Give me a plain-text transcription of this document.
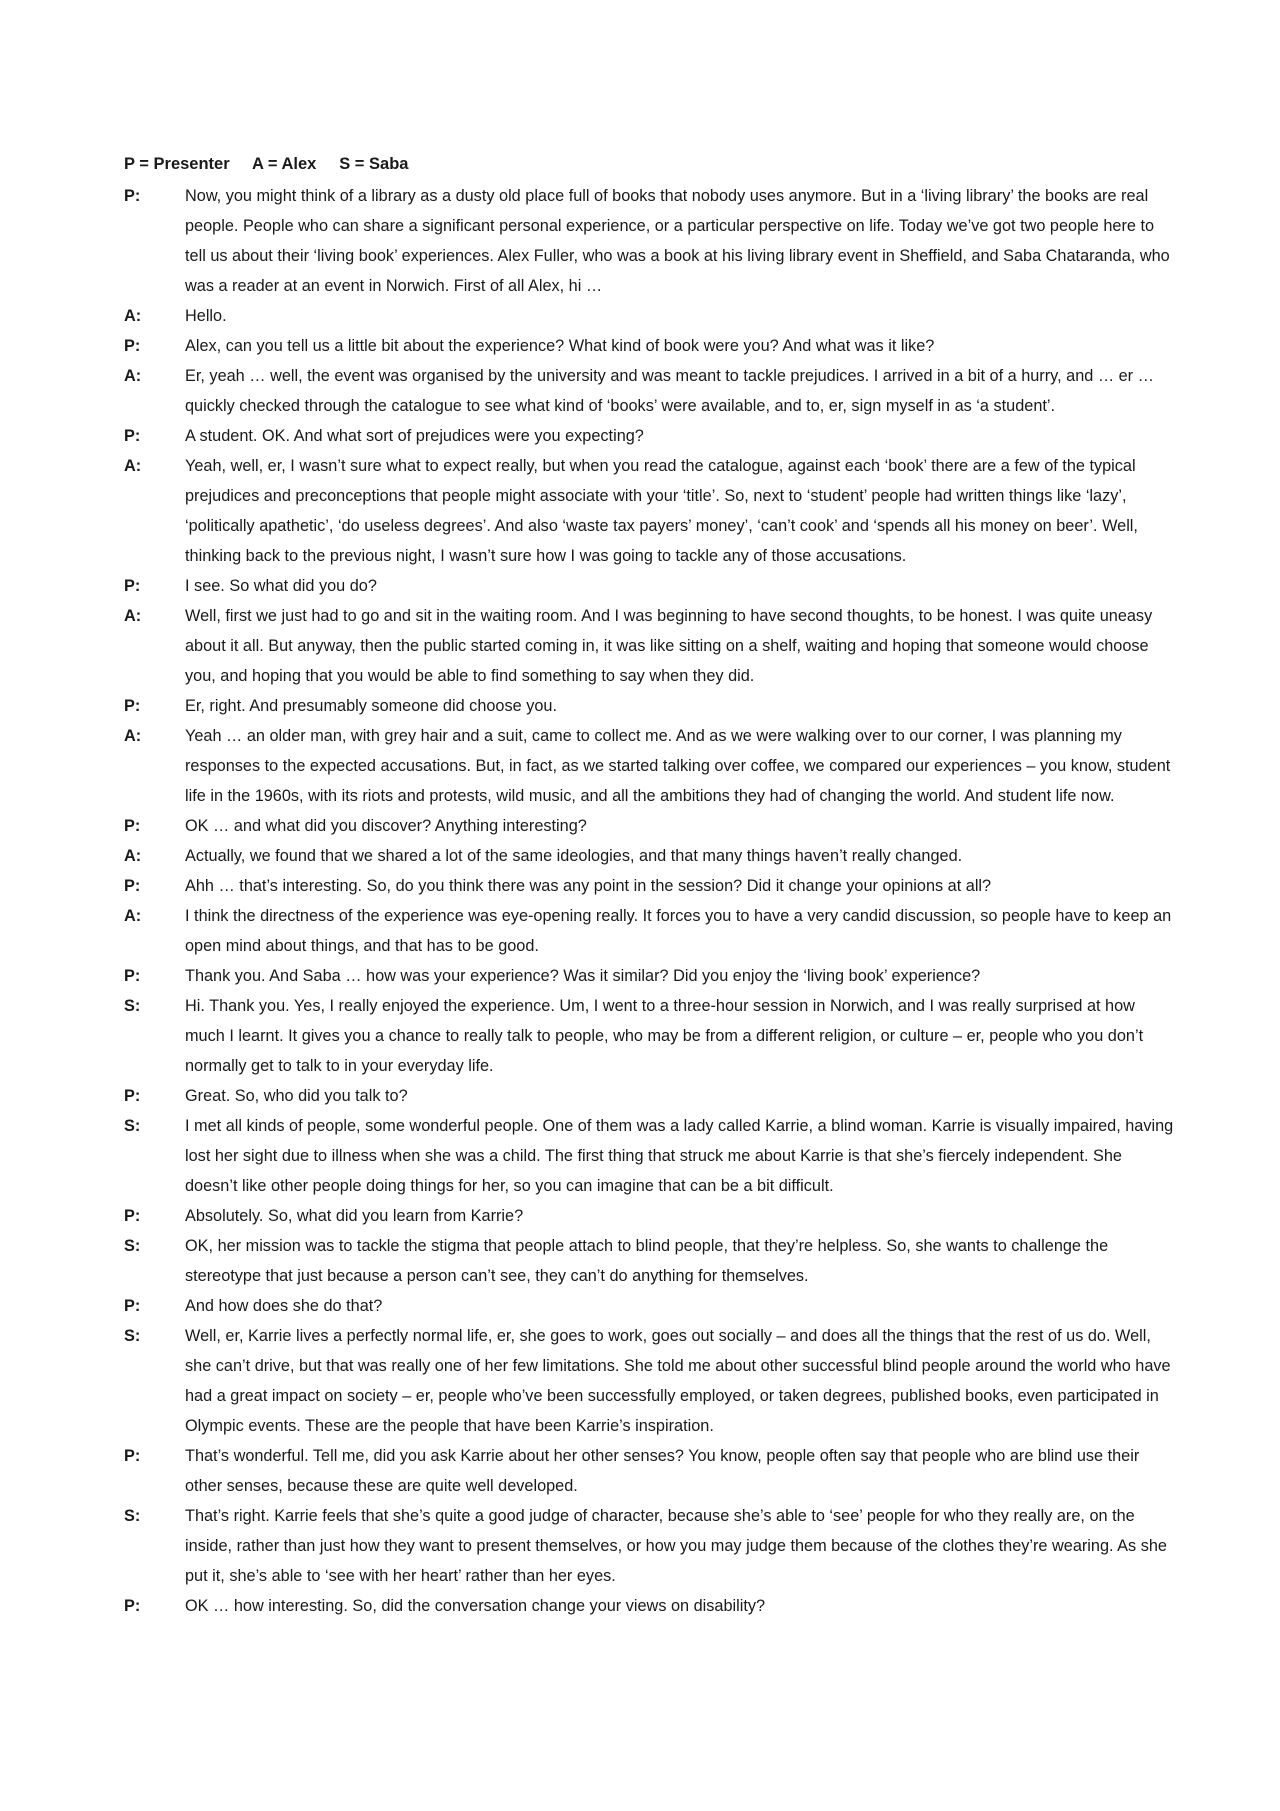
P = Presenter     A = Alex     S = Saba
P:	Now, you might think of a library as a dusty old place full of books that nobody uses anymore. But in a ‘living library’ the books are real people. People who can share a significant personal experience, or a particular perspective on life. Today we’ve got two people here to tell us about their ‘living book’ experiences. Alex Fuller, who was a book at his living library event in Sheffield, and Saba Chataranda, who was a reader at an event in Norwich. First of all Alex, hi …
A:	Hello.
P:	Alex, can you tell us a little bit about the experience? What kind of book were you? And what was it like?
A:	Er, yeah … well, the event was organised by the university and was meant to tackle prejudices. I arrived in a bit of a hurry, and … er … quickly checked through the catalogue to see what kind of ‘books’ were available, and to, er, sign myself in as ‘a student’.
P:	A student. OK. And what sort of prejudices were you expecting?
A:	Yeah, well, er, I wasn’t sure what to expect really, but when you read the catalogue, against each ‘book’ there are a few of the typical prejudices and preconceptions that people might associate with your ‘title’. So, next to ‘student’ people had written things like ‘lazy’, ‘politically apathetic’, ‘do useless degrees’. And also ‘waste tax payers’ money’, ‘can’t cook’ and ‘spends all his money on beer’. Well, thinking back to the previous night, I wasn’t sure how I was going to tackle any of those accusations.
P:	I see. So what did you do?
A:	Well, first we just had to go and sit in the waiting room. And I was beginning to have second thoughts, to be honest. I was quite uneasy about it all. But anyway, then the public started coming in, it was like sitting on a shelf, waiting and hoping that someone would choose you, and hoping that you would be able to find something to say when they did.
P:	Er, right. And presumably someone did choose you.
A:	Yeah … an older man, with grey hair and a suit, came to collect me. And as we were walking over to our corner, I was planning my responses to the expected accusations. But, in fact, as we started talking over coffee, we compared our experiences – you know, student life in the 1960s, with its riots and protests, wild music, and all the ambitions they had of changing the world. And student life now.
P:	OK … and what did you discover? Anything interesting?
A:	Actually, we found that we shared a lot of the same ideologies, and that many things haven’t really changed.
P:	Ahh … that’s interesting. So, do you think there was any point in the session? Did it change your opinions at all?
A:	I think the directness of the experience was eye-opening really. It forces you to have a very candid discussion, so people have to keep an open mind about things, and that has to be good.
P:	Thank you. And Saba … how was your experience? Was it similar? Did you enjoy the ‘living book’ experience?
S:	Hi. Thank you. Yes, I really enjoyed the experience. Um, I went to a three-hour session in Norwich, and I was really surprised at how much I learnt. It gives you a chance to really talk to people, who may be from a different religion, or culture – er, people who you don’t normally get to talk to in your everyday life.
P:	Great. So, who did you talk to?
S:	I met all kinds of people, some wonderful people. One of them was a lady called Karrie, a blind woman. Karrie is visually impaired, having lost her sight due to illness when she was a child. The first thing that struck me about Karrie is that she’s fiercely independent. She doesn’t like other people doing things for her, so you can imagine that can be a bit difficult.
P:	Absolutely. So, what did you learn from Karrie?
S:	OK, her mission was to tackle the stigma that people attach to blind people, that they’re helpless. So, she wants to challenge the stereotype that just because a person can’t see, they can’t do anything for themselves.
P:	And how does she do that?
S:	Well, er, Karrie lives a perfectly normal life, er, she goes to work, goes out socially – and does all the things that the rest of us do. Well, she can’t drive, but that was really one of her few limitations. She told me about other successful blind people around the world who have had a great impact on society – er, people who’ve been successfully employed, or taken degrees, published books, even participated in Olympic events. These are the people that have been Karrie’s inspiration.
P:	That’s wonderful. Tell me, did you ask Karrie about her other senses? You know, people often say that people who are blind use their other senses, because these are quite well developed.
S:	That’s right. Karrie feels that she’s quite a good judge of character, because she’s able to ‘see’ people for who they really are, on the inside, rather than just how they want to present themselves, or how you may judge them because of the clothes they’re wearing. As she put it, she’s able to ‘see with her heart’ rather than her eyes.
P:	OK … how interesting. So, did the conversation change your views on disability?
